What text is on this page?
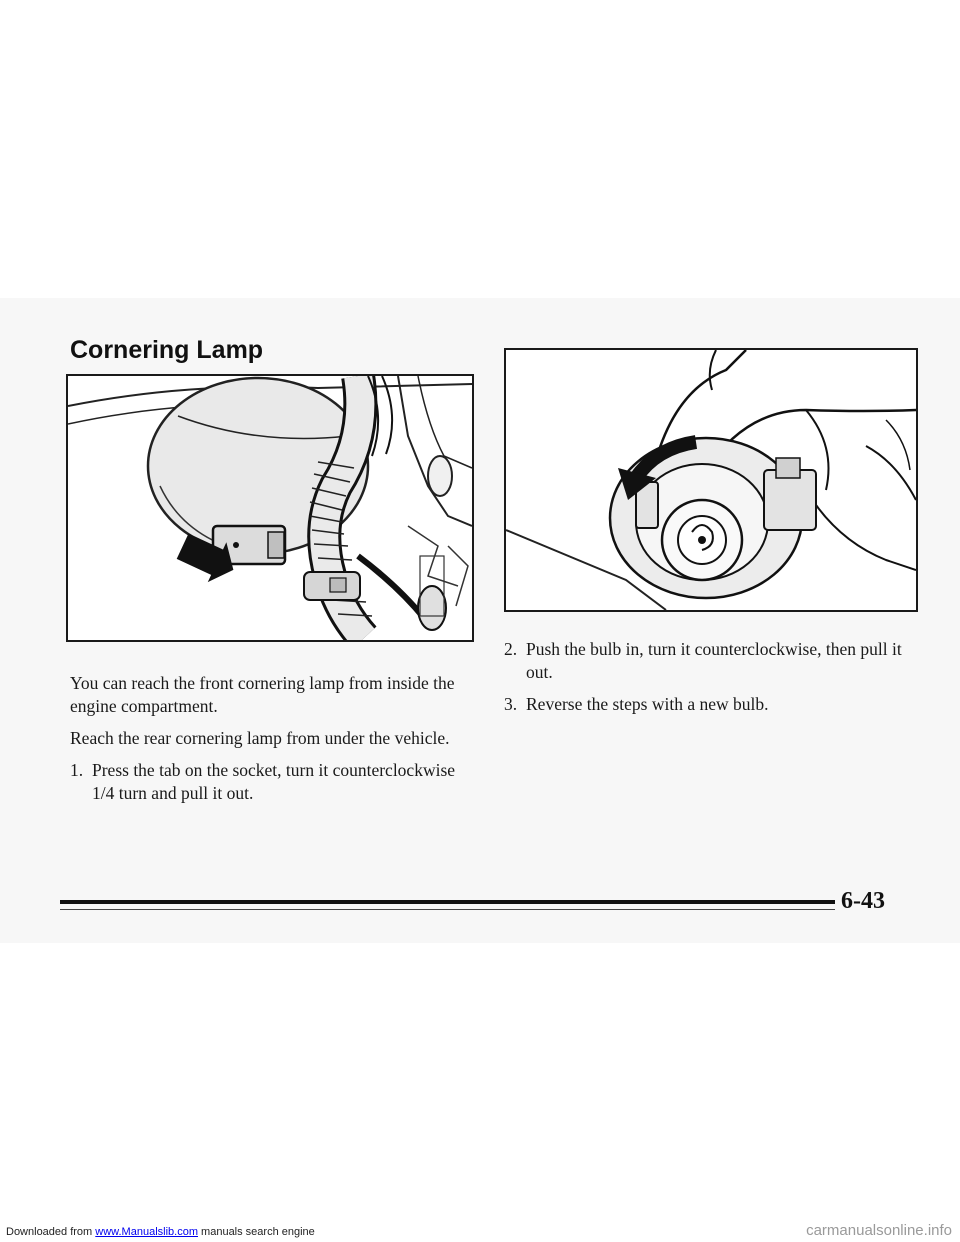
Cornering Lamp

You can reach the front cornering lamp from inside the engine compartment.

Reach the rear cornering lamp from under the vehicle.

1. Press the tab on the socket, turn it counterclockwise 1/4 turn and pull it out.
2. Push the bulb in, turn it counterclockwise, then pull it out.
3. Reverse the steps with a new bulb.
6-43
Downloaded from www.Manualslib.com manuals search engine	carmanualsonline.info
